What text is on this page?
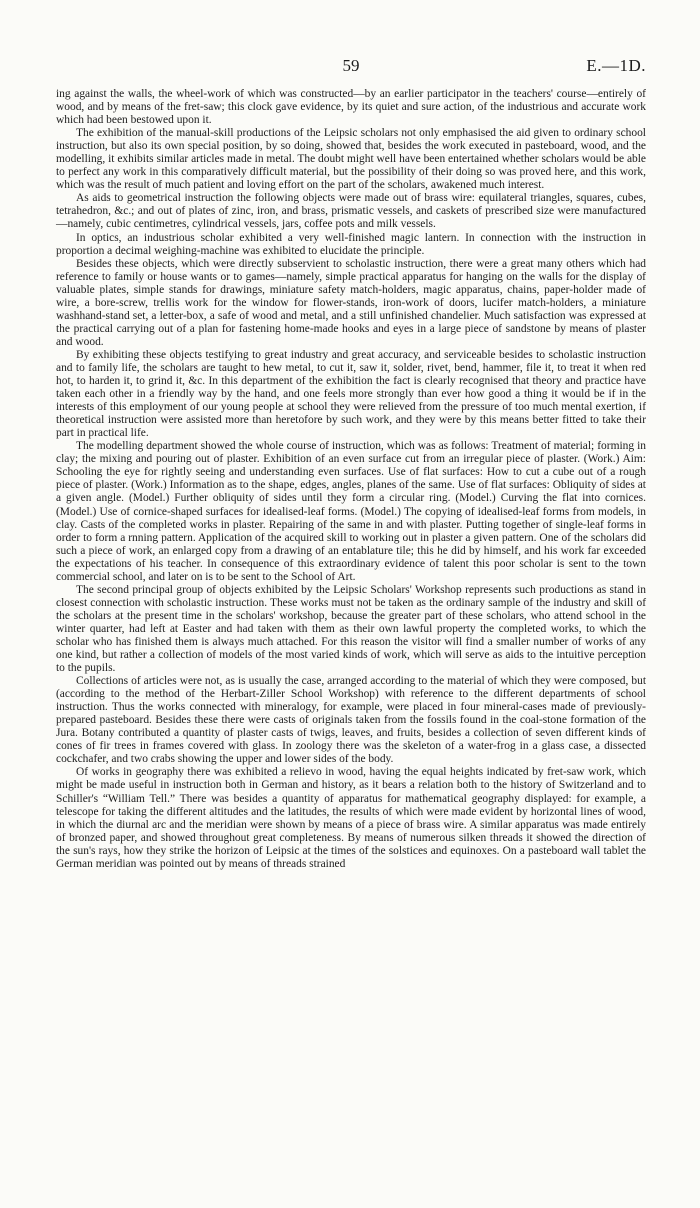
59	E.—1D.

ing against the walls, the wheel-work of which was constructed—by an earlier participator in the teachers' course—entirely of wood, and by means of the fret-saw; this clock gave evidence, by its quiet and sure action, of the industrious and accurate work which had been bestowed upon it.

The exhibition of the manual-skill productions of the Leipsic scholars not only emphasised the aid given to ordinary school instruction, but also its own special position, by so doing, showed that, besides the work executed in pasteboard, wood, and the modelling, it exhibits similar articles made in metal. The doubt might well have been entertained whether scholars would be able to perfect any work in this comparatively difficult material, but the possibility of their doing so was proved here, and this work, which was the result of much patient and loving effort on the part of the scholars, awakened much interest.

As aids to geometrical instruction the following objects were made out of brass wire: equilateral triangles, squares, cubes, tetrahedron, &c.; and out of plates of zinc, iron, and brass, prismatic vessels, and caskets of prescribed size were manufactured—namely, cubic centimetres, cylindrical vessels, jars, coffee pots and milk vessels.

In optics, an industrious scholar exhibited a very well-finished magic lantern. In connection with the instruction in proportion a decimal weighing-machine was exhibited to elucidate the principle.

Besides these objects, which were directly subservient to scholastic instruction, there were a great many others which had reference to family or house wants or to games—namely, simple practical apparatus for hanging on the walls for the display of valuable plates, simple stands for drawings, miniature safety match-holders, magic apparatus, chains, paper-holder made of wire, a bore-screw, trellis work for the window for flower-stands, iron-work of doors, lucifer match-holders, a miniature washhand-stand set, a letter-box, a safe of wood and metal, and a still unfinished chandelier. Much satisfaction was expressed at the practical carrying out of a plan for fastening home-made hooks and eyes in a large piece of sandstone by means of plaster and wood.

By exhibiting these objects testifying to great industry and great accuracy, and serviceable besides to scholastic instruction and to family life, the scholars are taught to hew metal, to cut it, saw it, solder, rivet, bend, hammer, file it, to treat it when red hot, to harden it, to grind it, &c. In this department of the exhibition the fact is clearly recognised that theory and practice have taken each other in a friendly way by the hand, and one feels more strongly than ever how good a thing it would be if in the interests of this employment of our young people at school they were relieved from the pressure of too much mental exertion, if theoretical instruction were assisted more than heretofore by such work, and they were by this means better fitted to take their part in practical life.

The modelling department showed the whole course of instruction, which was as follows: Treatment of material; forming in clay; the mixing and pouring out of plaster. Exhibition of an even surface cut from an irregular piece of plaster. (Work.) Aim: Schooling the eye for rightly seeing and understanding even surfaces. Use of flat surfaces: How to cut a cube out of a rough piece of plaster. (Work.) Information as to the shape, edges, angles, planes of the same. Use of flat surfaces: Obliquity of sides at a given angle. (Model.) Further obliquity of sides until they form a circular ring. (Model.) Curving the flat into cornices. (Model.) Use of cornice-shaped surfaces for idealised-leaf forms. (Model.) The copying of idealised-leaf forms from models, in clay. Casts of the completed works in plaster. Repairing of the same in and with plaster. Putting together of single-leaf forms in order to form a rnning pattern. Application of the acquired skill to working out in plaster a given pattern. One of the scholars did such a piece of work, an enlarged copy from a drawing of an entablature tile; this he did by himself, and his work far exceeded the expectations of his teacher. In consequence of this extraordinary evidence of talent this poor scholar is sent to the town commercial school, and later on is to be sent to the School of Art.

The second principal group of objects exhibited by the Leipsic Scholars' Workshop represents such productions as stand in closest connection with scholastic instruction. These works must not be taken as the ordinary sample of the industry and skill of the scholars at the present time in the scholars' workshop, because the greater part of these scholars, who attend school in the winter quarter, had left at Easter and had taken with them as their own lawful property the completed works, to which the scholar who has finished them is always much attached. For this reason the visitor will find a smaller number of works of any one kind, but rather a collection of models of the most varied kinds of work, which will serve as aids to the intuitive perception to the pupils.

Collections of articles were not, as is usually the case, arranged according to the material of which they were composed, but (according to the method of the Herbart-Ziller School Workshop) with reference to the different departments of school instruction. Thus the works connected with mineralogy, for example, were placed in four mineral-cases made of previously-prepared pasteboard. Besides these there were casts of originals taken from the fossils found in the coal-stone formation of the Jura. Botany contributed a quantity of plaster casts of twigs, leaves, and fruits, besides a collection of seven different kinds of cones of fir trees in frames covered with glass. In zoology there was the skeleton of a water-frog in a glass case, a dissected cockchafer, and two crabs showing the upper and lower sides of the body.

Of works in geography there was exhibited a relievo in wood, having the equal heights indicated by fret-saw work, which might be made useful in instruction both in German and history, as it bears a relation both to the history of Switzerland and to Schiller's “William Tell.” There was besides a quantity of apparatus for mathematical geography displayed: for example, a telescope for taking the different altitudes and the latitudes, the results of which were made evident by horizontal lines of wood, in which the diurnal arc and the meridian were shown by means of a piece of brass wire. A similar apparatus was made entirely of bronzed paper, and showed throughout great completeness. By means of numerous silken threads it showed the direction of the sun's rays, how they strike the horizon of Leipsic at the times of the solstices and equinoxes. On a pasteboard wall tablet the German meridian was pointed out by means of threads strained
